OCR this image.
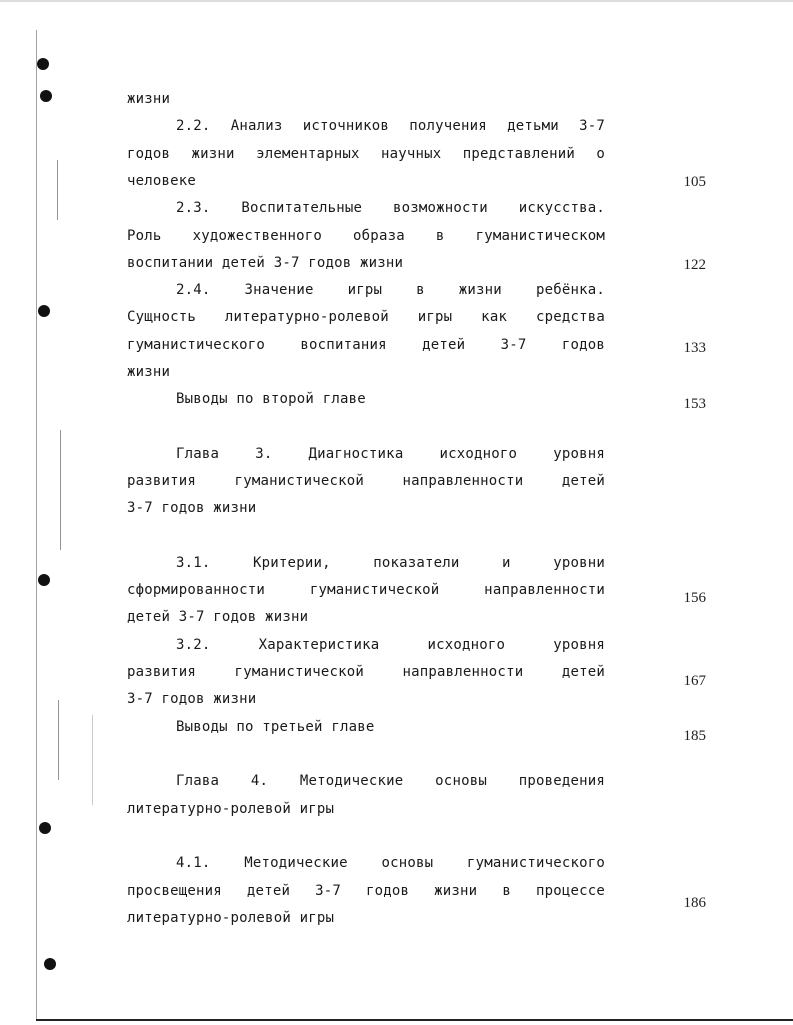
жизни
2.2. Анализ источников получения детьми 3-7
годов жизни элементарных научных представлений о
человеке
2.3. Воспитательные возможности искусства.
Роль художественного образа в гуманистическом
воспитании детей 3-7 годов жизни
2.4. Значение игры в жизни ребёнка.
Сущность литературно-ролевой игры как средства
гуманистического воспитания детей 3-7 годов
жизни
Выводы по второй главе
Глава 3. Диагностика исходного уровня
развития гуманистической направленности детей
3-7 годов жизни
3.1. Критерии, показатели и уровни
сформированности гуманистической направленности
детей 3-7 годов жизни
3.2. Характеристика исходного уровня
развития гуманистической направленности детей
3-7 годов жизни
Выводы по третьей главе
Глава 4. Методические основы проведения
литературно-ролевой игры
4.1. Методические основы гуманистического
просвещения детей 3-7 годов жизни в процессе
литературно-ролевой игры
105
122
133
153
156
167
185
186
